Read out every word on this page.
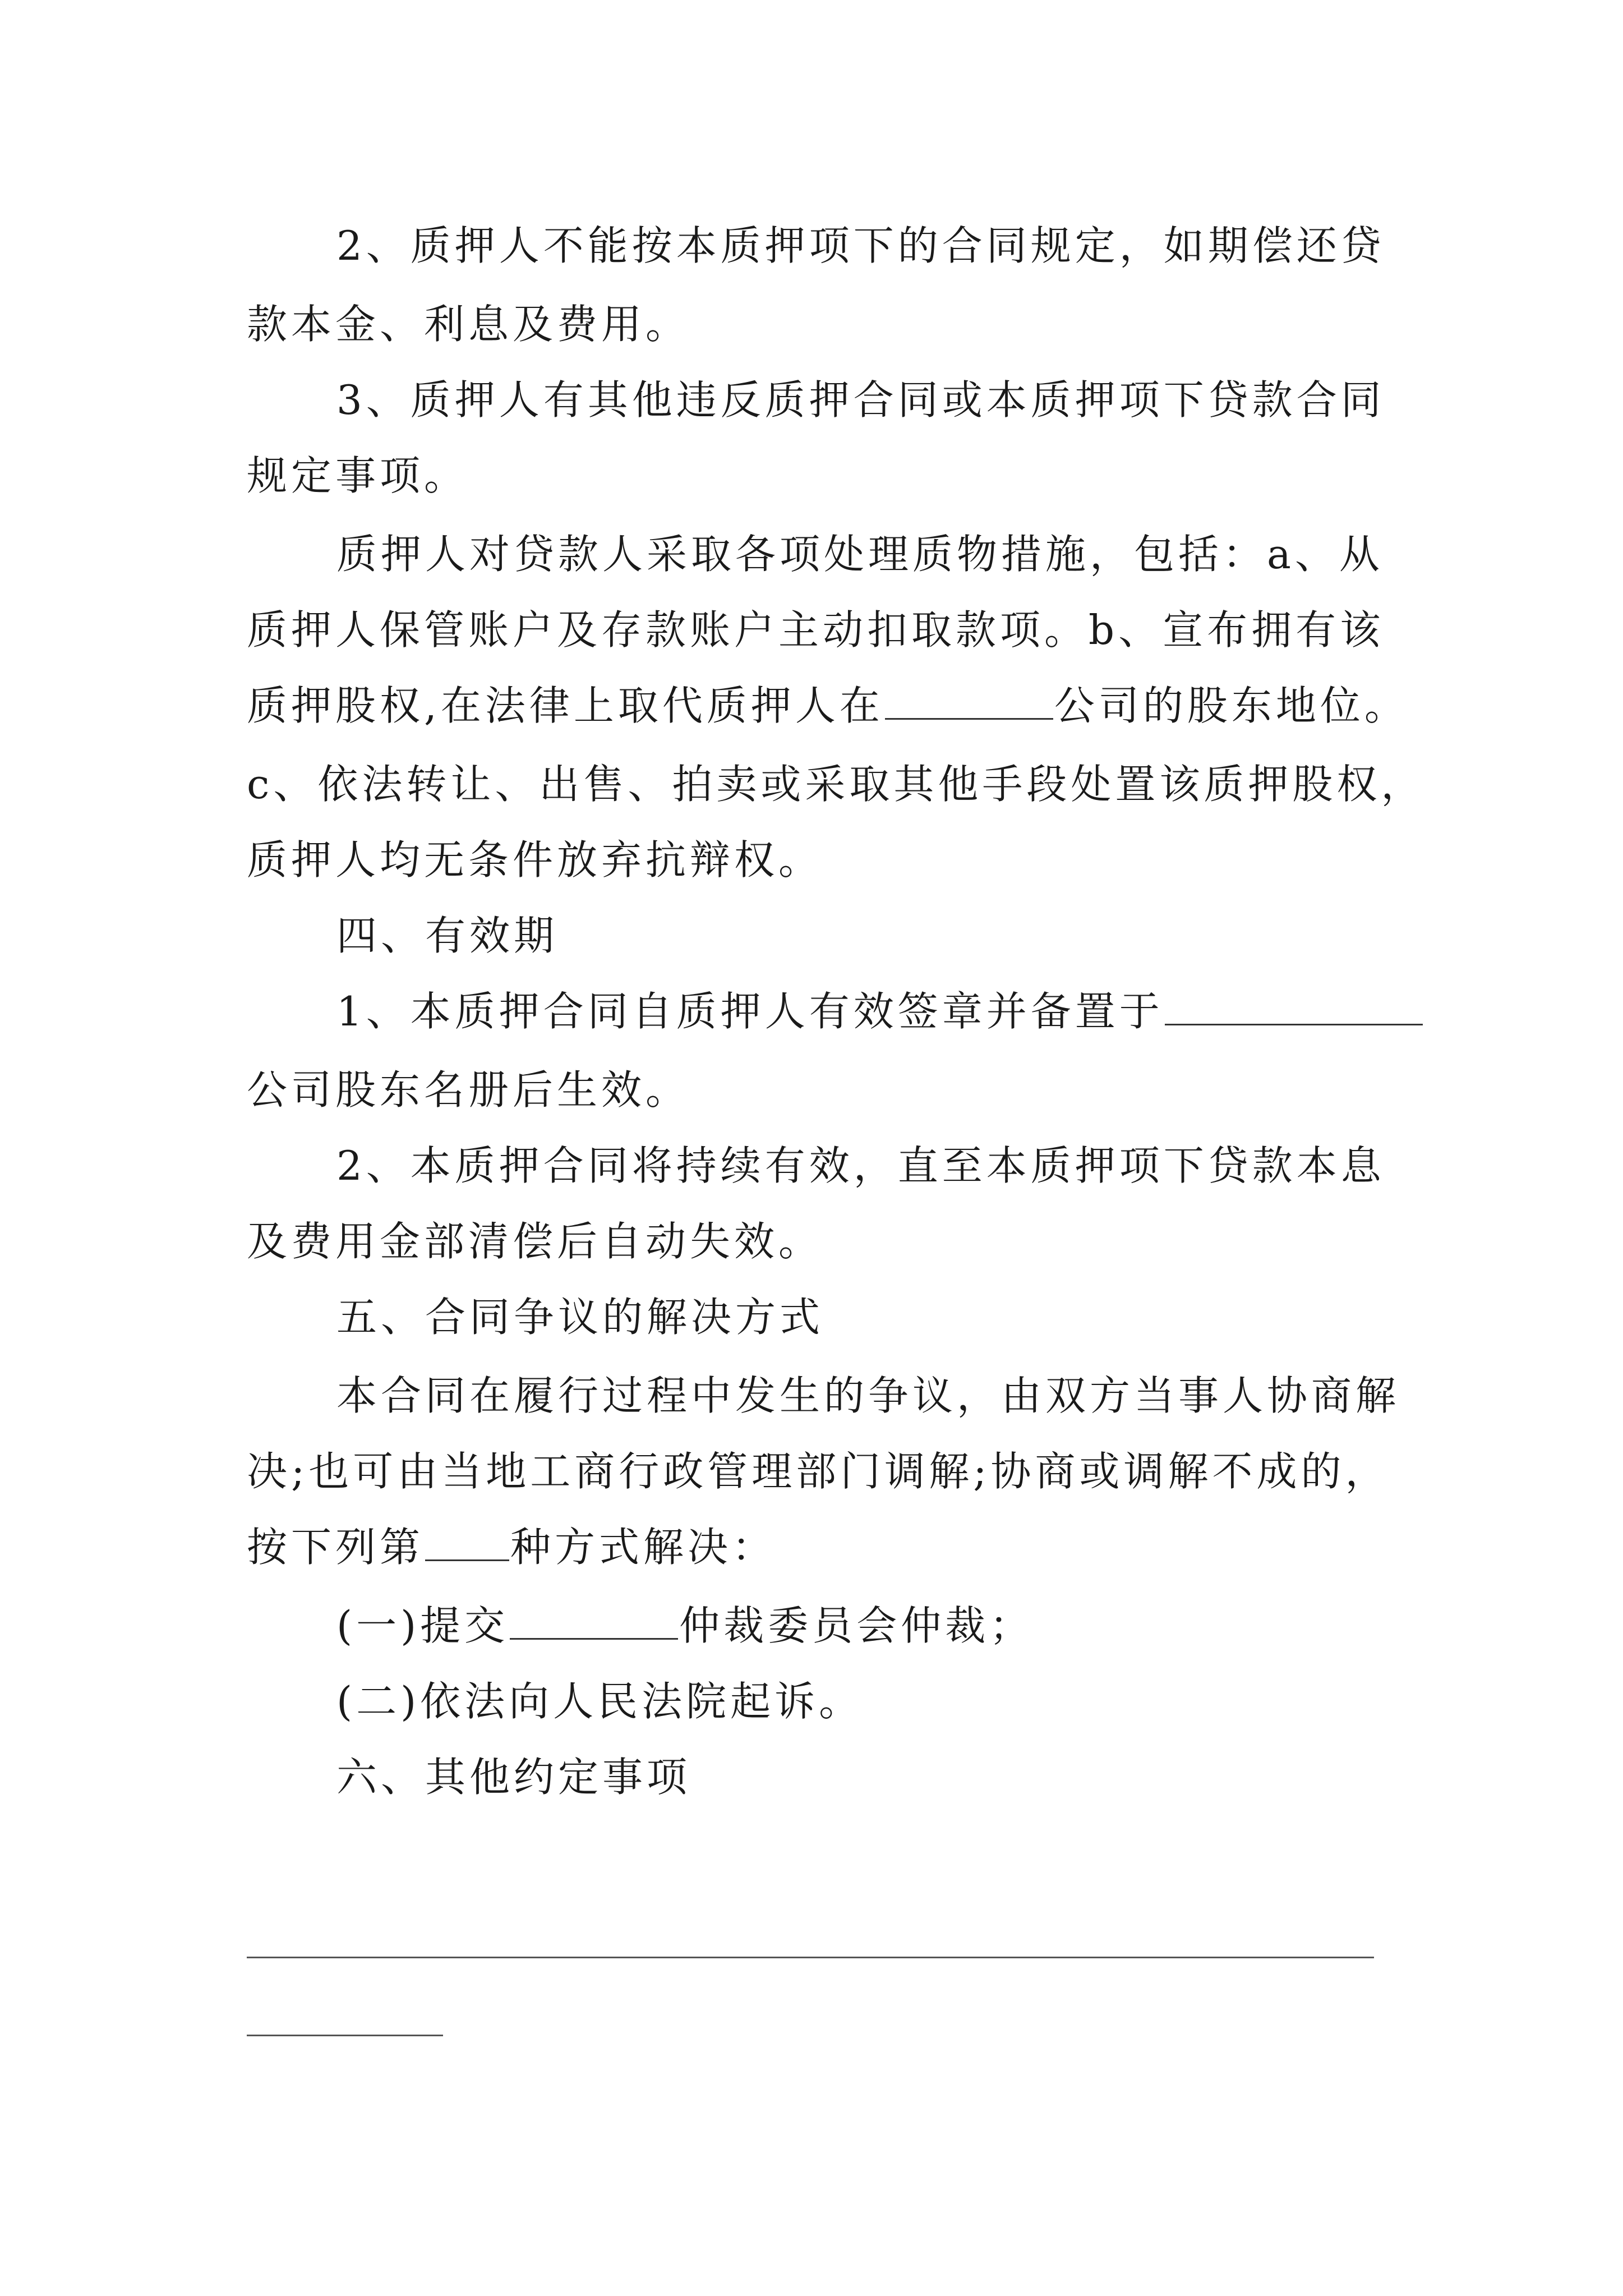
2、质押人不能按本质押项下的合同规定，如期偿还贷

款本金、利息及费用。

3、质押人有其他违反质押合同或本质押项下贷款合同

规定事项。

质押人对贷款人采取各项处理质物措施，包括：a、从

质押人保管账户及存款账户主动扣取款项。b、宣布拥有该

质押股权,在法律上取代质押人在	公司的股东地位。

c、依法转让、出售、拍卖或采取其他手段处置该质押股权，

质押人均无条件放弃抗辩权。

四、有效期

1、本质押合同自质押人有效签章并备置于

公司股东名册后生效。

2、本质押合同将持续有效，直至本质押项下贷款本息

及费用金部清偿后自动失效。

五、合同争议的解决方式

本合同在履行过程中发生的争议，由双方当事人协商解

决;也可由当地工商行政管理部门调解;协商或调解不成的，

按下列第 种方式解决：

(一)提交	仲裁委员会仲裁；

(二)依法向人民法院起诉。

六、其他约定事项
